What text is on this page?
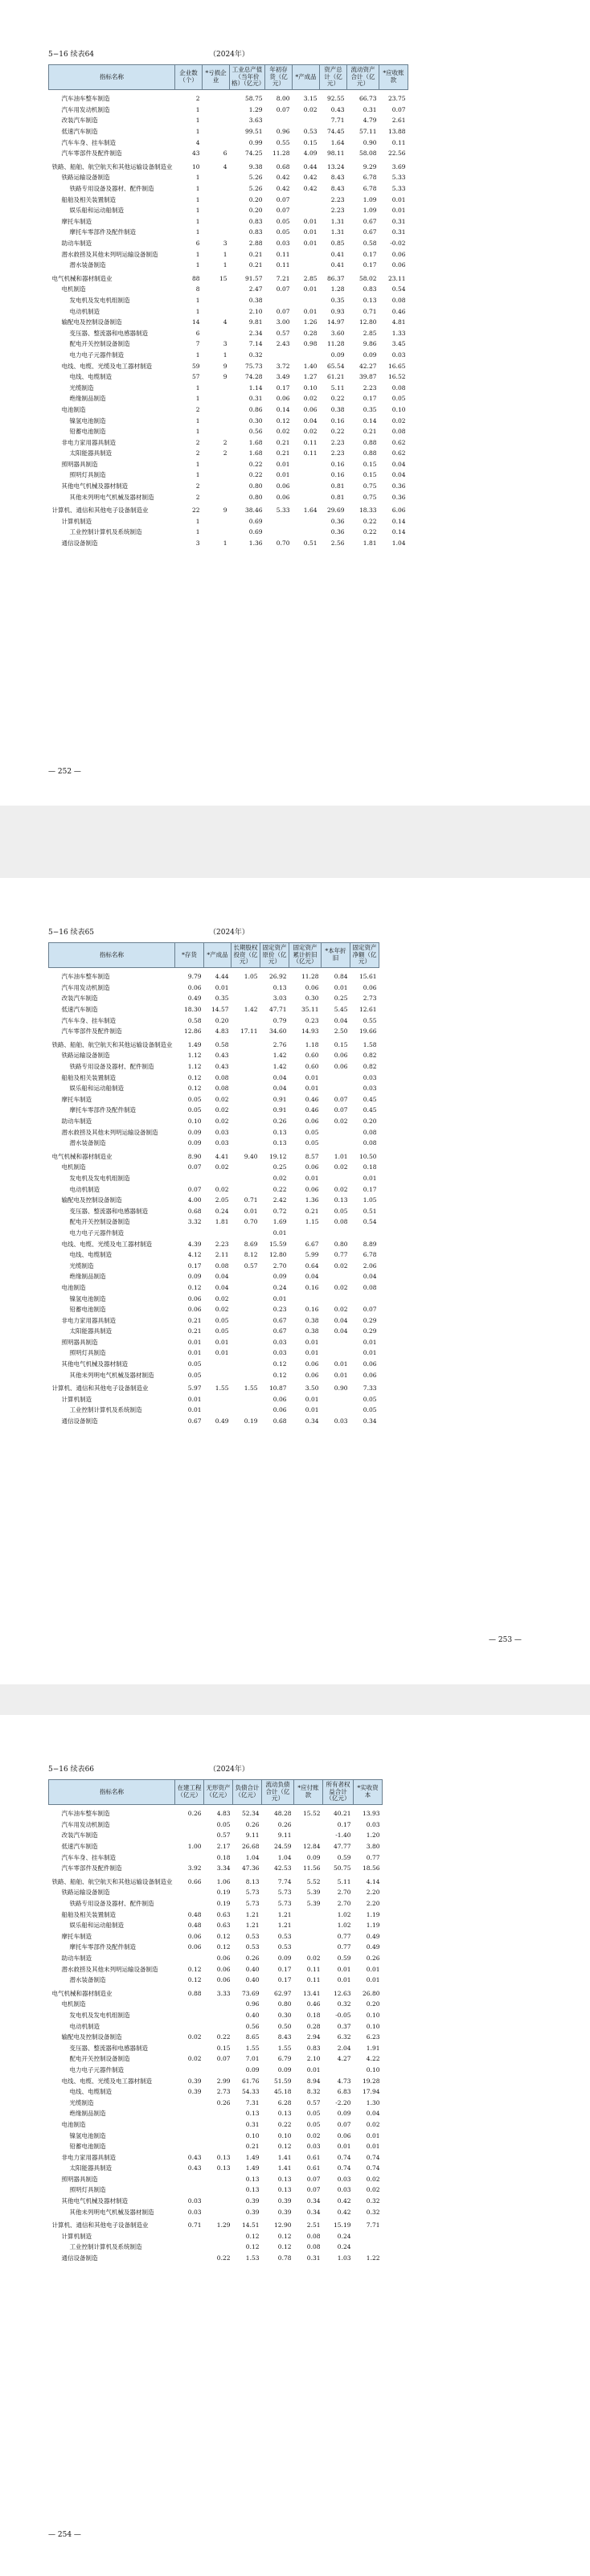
5−16 续表64	（2024年）
指标名称	企业数（个）	*亏损企业	工业总产值（当年价格）（亿元）	年初存货（亿元）	*产成品	资产总计（亿元）	流动资产合计（亿元）	*应收账款
汽车油车整车制造	2		58.75	8.00	3.15	92.55	66.73	23.75
汽车用发动机制造	1		1.29	0.07	0.02	0.43	0.31	0.07
改装汽车制造	1		3.63			7.71	4.79	2.61
低速汽车制造	1		99.51	0.96	0.53	74.45	57.11	13.88
汽车车身、挂车制造	4		0.99	0.55	0.15	1.64	0.90	0.11
汽车零部件及配件制造	43	6	74.25	11.28	4.09	98.11	58.08	22.56
铁路、船舶、航空航天和其他运输设备制造业	10	4	9.38	0.68	0.44	13.24	9.29	3.69
铁路运输设备制造	1		5.26	0.42	0.42	8.43	6.78	5.33
铁路专用设备及器材、配件制造	1		5.26	0.42	0.42	8.43	6.78	5.33
船舶及相关装置制造	1		0.20	0.07		2.23	1.09	0.01
娱乐船和运动船制造	1		0.20	0.07		2.23	1.09	0.01
摩托车制造	1		0.83	0.05	0.01	1.31	0.67	0.31
摩托车零部件及配件制造	1		0.83	0.05	0.01	1.31	0.67	0.31
助动车制造	6	3	2.88	0.03	0.01	0.85	0.58	-0.02
潜水救捞及其他未列明运输设备制造	1	1	0.21	0.11		0.41	0.17	0.06
潜水装备制造	1	1	0.21	0.11		0.41	0.17	0.06
电气机械和器材制造业	88	15	91.57	7.21	2.85	86.37	58.02	23.11
电机制造	8		2.47	0.07	0.01	1.28	0.83	0.54
发电机及发电机组制造	1		0.38			0.35	0.13	0.08
电动机制造	1		2.10	0.07	0.01	0.93	0.71	0.46
输配电及控制设备制造	14	4	9.81	3.00	1.26	14.97	12.80	4.81
变压器、整流器和电感器制造	6		2.34	0.57	0.28	3.60	2.85	1.33
配电开关控制设备制造	7	3	7.14	2.43	0.98	11.28	9.86	3.45
电力电子元器件制造	1	1	0.32			0.09	0.09	0.03
电线、电缆、光缆及电工器材制造	59	9	75.73	3.72	1.40	65.54	42.27	16.65
电线、电缆制造	57	9	74.28	3.49	1.27	61.21	39.87	16.52
光缆制造	1		1.14	0.17	0.10	5.11	2.23	0.08
绝缘制品制造	1		0.31	0.06	0.02	0.22	0.17	0.05
电池制造	2		0.86	0.14	0.06	0.38	0.35	0.10
镍氢电池制造	1		0.30	0.12	0.04	0.16	0.14	0.02
铅蓄电池制造	1		0.56	0.02	0.02	0.22	0.21	0.08
非电力家用器具制造	2	2	1.68	0.21	0.11	2.23	0.88	0.62
太阳能器具制造	2	2	1.68	0.21	0.11	2.23	0.88	0.62
照明器具制造	1		0.22	0.01		0.16	0.15	0.04
照明灯具制造	1		0.22	0.01		0.16	0.15	0.04
其他电气机械及器材制造	2		0.80	0.06		0.81	0.75	0.36
其他未列明电气机械及器材制造	2		0.80	0.06		0.81	0.75	0.36
计算机、通信和其他电子设备制造业	22	9	38.46	5.33	1.64	29.69	18.33	6.06
计算机制造	1		0.69			0.36	0.22	0.14
工业控制计算机及系统制造	1		0.69			0.36	0.22	0.14
通信设备制造	3	1	1.36	0.70	0.51	2.56	1.81	1.04
— 252 —
5−16 续表65	（2024年）
指标名称	*存货	*产成品	长期股权投资（亿元）	固定资产原价（亿元）	固定资产累计折旧（亿元）	*本年折旧	固定资产净额（亿元）
汽车油车整车制造	9.79	4.44	1.05	26.92	11.28	0.84	15.61
汽车用发动机制造	0.06	0.01		0.13	0.06	0.01	0.06
改装汽车制造	0.49	0.35		3.03	0.30	0.25	2.73
低速汽车制造	18.30	14.57	1.42	47.71	35.11	5.45	12.61
汽车车身、挂车制造	0.58	0.20		0.79	0.23	0.04	0.55
汽车零部件及配件制造	12.86	4.83	17.11	34.60	14.93	2.50	19.66
铁路、船舶、航空航天和其他运输设备制造业	1.49	0.58		2.76	1.18	0.15	1.58
铁路运输设备制造	1.12	0.43		1.42	0.60	0.06	0.82
铁路专用设备及器材、配件制造	1.12	0.43		1.42	0.60	0.06	0.82
船舶及相关装置制造	0.12	0.08		0.04	0.01		0.03
娱乐船和运动船制造	0.12	0.08		0.04	0.01		0.03
摩托车制造	0.05	0.02		0.91	0.46	0.07	0.45
摩托车零部件及配件制造	0.05	0.02		0.91	0.46	0.07	0.45
助动车制造	0.10	0.02		0.26	0.06	0.02	0.20
潜水救捞及其他未列明运输设备制造	0.09	0.03		0.13	0.05		0.08
潜水装备制造	0.09	0.03		0.13	0.05		0.08
电气机械和器材制造业	8.90	4.41	9.40	19.12	8.57	1.01	10.50
电机制造	0.07	0.02		0.25	0.06	0.02	0.18
发电机及发电机组制造				0.02	0.01		0.01
电动机制造	0.07	0.02		0.22	0.06	0.02	0.17
输配电及控制设备制造	4.00	2.05	0.71	2.42	1.36	0.13	1.05
变压器、整流器和电感器制造	0.68	0.24	0.01	0.72	0.21	0.05	0.51
配电开关控制设备制造	3.32	1.81	0.70	1.69	1.15	0.08	0.54
电力电子元器件制造				0.01			
电线、电缆、光缆及电工器材制造	4.39	2.23	8.69	15.59	6.67	0.80	8.89
电线、电缆制造	4.12	2.11	8.12	12.80	5.99	0.77	6.78
光缆制造	0.17	0.08	0.57	2.70	0.64	0.02	2.06
绝缘制品制造	0.09	0.04		0.09	0.04		0.04
电池制造	0.12	0.04		0.24	0.16	0.02	0.08
镍氢电池制造	0.06	0.02		0.01			
铅蓄电池制造	0.06	0.02		0.23	0.16	0.02	0.07
非电力家用器具制造	0.21	0.05		0.67	0.38	0.04	0.29
太阳能器具制造	0.21	0.05		0.67	0.38	0.04	0.29
照明器具制造	0.01	0.01		0.03	0.01		0.01
照明灯具制造	0.01	0.01		0.03	0.01		0.01
其他电气机械及器材制造	0.05			0.12	0.06	0.01	0.06
其他未列明电气机械及器材制造	0.05			0.12	0.06	0.01	0.06
计算机、通信和其他电子设备制造业	5.97	1.55	1.55	10.87	3.50	0.90	7.33
计算机制造	0.01			0.06	0.01		0.05
工业控制计算机及系统制造	0.01			0.06	0.01		0.05
通信设备制造	0.67	0.49	0.19	0.68	0.34	0.03	0.34
— 253 —
5−16 续表66	（2024年）
指标名称	在建工程（亿元）	无形资产（亿元）	负债合计（亿元）	流动负债合计（亿元）	*应付账款	所有者权益合计（亿元）	*实收资本
汽车油车整车制造	0.26	4.83	52.34	48.28	15.52	40.21	13.93
汽车用发动机制造		0.05	0.26	0.26		0.17	0.03
改装汽车制造		0.57	9.11	9.11		-1.40	1.20
低速汽车制造	1.00	2.17	26.68	24.59	12.84	47.77	3.80
汽车车身、挂车制造		0.18	1.04	1.04	0.09	0.59	0.77
汽车零部件及配件制造	3.92	3.34	47.36	42.53	11.56	50.75	18.56
铁路、船舶、航空航天和其他运输设备制造业	0.66	1.06	8.13	7.74	5.52	5.11	4.14
铁路运输设备制造		0.19	5.73	5.73	5.39	2.70	2.20
铁路专用设备及器材、配件制造		0.19	5.73	5.73	5.39	2.70	2.20
船舶及相关装置制造	0.48	0.63	1.21	1.21		1.02	1.19
娱乐船和运动船制造	0.48	0.63	1.21	1.21		1.02	1.19
摩托车制造	0.06	0.12	0.53	0.53		0.77	0.49
摩托车零部件及配件制造	0.06	0.12	0.53	0.53		0.77	0.49
助动车制造		0.06	0.26	0.09	0.02	0.59	0.26
潜水救捞及其他未列明运输设备制造	0.12	0.06	0.40	0.17	0.11	0.01	0.01
潜水装备制造	0.12	0.06	0.40	0.17	0.11	0.01	0.01
电气机械和器材制造业	0.88	3.33	73.69	62.97	13.41	12.63	26.80
电机制造			0.96	0.80	0.46	0.32	0.20
发电机及发电机组制造			0.40	0.30	0.18	-0.05	0.10
电动机制造			0.56	0.50	0.28	0.37	0.10
输配电及控制设备制造	0.02	0.22	8.65	8.43	2.94	6.32	6.23
变压器、整流器和电感器制造		0.15	1.55	1.55	0.83	2.04	1.91
配电开关控制设备制造	0.02	0.07	7.01	6.79	2.10	4.27	4.22
电力电子元器件制造			0.09	0.09	0.01		0.10
电线、电缆、光缆及电工器材制造	0.39	2.99	61.76	51.59	8.94	4.73	19.28
电线、电缆制造	0.39	2.73	54.33	45.18	8.32	6.83	17.94
光缆制造		0.26	7.31	6.28	0.57	-2.20	1.30
绝缘制品制造			0.13	0.13	0.05	0.09	0.04
电池制造			0.31	0.22	0.05	0.07	0.02
镍氢电池制造			0.10	0.10	0.02	0.06	0.01
铅蓄电池制造			0.21	0.12	0.03	0.01	0.01
非电力家用器具制造	0.43	0.13	1.49	1.41	0.61	0.74	0.74
太阳能器具制造	0.43	0.13	1.49	1.41	0.61	0.74	0.74
照明器具制造			0.13	0.13	0.07	0.03	0.02
照明灯具制造			0.13	0.13	0.07	0.03	0.02
其他电气机械及器材制造	0.03		0.39	0.39	0.34	0.42	0.32
其他未列明电气机械及器材制造	0.03		0.39	0.39	0.34	0.42	0.32
计算机、通信和其他电子设备制造业	0.71	1.29	14.51	12.90	2.51	15.19	7.71
计算机制造			0.12	0.12	0.08	0.24	
工业控制计算机及系统制造			0.12	0.12	0.08	0.24	
通信设备制造		0.22	1.53	0.78	0.31	1.03	1.22
— 254 —
